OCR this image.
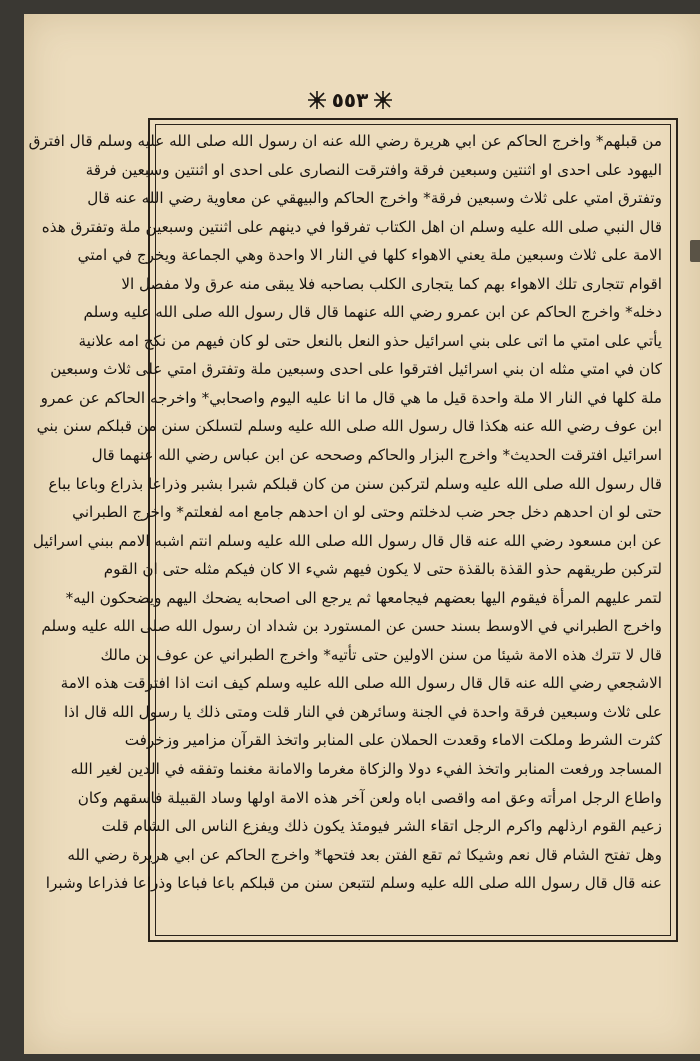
٥٥٣
من قبلهم* واخرج الحاكم عن ابي هريرة رضي الله عنه ان رسول الله صلى الله عليه وسلم قال افترق
اليهود على احدى او اثنتين وسبعين فرقة وافترقت النصارى على احدى او اثنتين وسبعين فرقة
وتفترق امتي على ثلاث وسبعين فرقة* واخرج الحاكم والبيهقي عن معاوية رضي الله عنه قال
قال النبي صلى الله عليه وسلم ان اهل الكتاب تفرقوا في دينهم على اثنتين وسبعين ملة وتفترق هذه
الامة على ثلاث وسبعين ملة يعني الاهواء كلها في النار الا واحدة وهي الجماعة ويخرج في امتي
اقوام تتجارى تلك الاهواء بهم كما يتجارى الكلب بصاحبه فلا يبقى منه عرق ولا مفصل الا
دخله* واخرج الحاكم عن ابن عمرو رضي الله عنهما قال قال رسول الله صلى الله عليه وسلم
يأتي على امتي ما اتى على بني اسرائيل حذو النعل بالنعل حتى لو كان فيهم من نكح امه علانية
كان في امتي مثله ان بني اسرائيل افترقوا على احدى وسبعين ملة وتفترق امتي على ثلاث وسبعين
ملة كلها في النار الا ملة واحدة قيل ما هي قال ما انا عليه اليوم واصحابي* واخرجه الحاكم عن عمرو
ابن عوف رضي الله عنه هكذا قال رسول الله صلى الله عليه وسلم لتسلكن سنن من قبلكم سنن بني
اسرائيل افترقت الحديث* واخرج البزار والحاكم وصححه عن ابن عباس رضي الله عنهما قال
قال رسول الله صلى الله عليه وسلم لتركبن سنن من كان قبلكم شبرا بشبر وذراعا بذراع وباعا بباع
حتى لو ان احدهم دخل جحر ضب لدخلتم وحتى لو ان احدهم جامع امه لفعلتم* واخرج الطبراني
عن ابن مسعود رضي الله عنه قال قال رسول الله صلى الله عليه وسلم انتم اشبه الامم ببني اسرائيل
لتركبن طريقهم حذو القذة بالقذة حتى لا يكون فيهم شيء الا كان فيكم مثله حتى ان القوم
لتمر عليهم المرأة فيقوم اليها بعضهم فيجامعها ثم يرجع الى اصحابه يضحك اليهم ويضحكون اليه*
واخرج الطبراني في الاوسط بسند حسن عن المستورد بن شداد ان رسول الله صلى الله عليه وسلم
قال لا تترك هذه الامة شيئا من سنن الاولين حتى تأتيه* واخرج الطبراني عن عوف بن مالك
الاشجعي رضي الله عنه قال قال رسول الله صلى الله عليه وسلم كيف انت اذا افترقت هذه الامة
على ثلاث وسبعين فرقة واحدة في الجنة وسائرهن في النار قلت ومتى ذلك يا رسول الله قال اذا
كثرت الشرط وملكت الاماء وقعدت الحملان على المنابر واتخذ القرآن مزامير وزخرفت
المساجد ورفعت المنابر واتخذ الفيء دولا والزكاة مغرما والامانة مغنما وتفقه في الدين لغير الله
واطاع الرجل امرأته وعق امه واقصى اباه ولعن آخر هذه الامة اولها وساد القبيلة فاسقهم وكان
زعيم القوم ارذلهم واكرم الرجل اتقاء الشر فيومئذ يكون ذلك ويفزع الناس الى الشام قلت
وهل تفتح الشام قال نعم وشيكا ثم تقع الفتن بعد فتحها* واخرج الحاكم عن ابي هريرة رضي الله
عنه قال قال رسول الله صلى الله عليه وسلم لتتبعن سنن من قبلكم باعا فباعا وذراعا فذراعا وشبرا
